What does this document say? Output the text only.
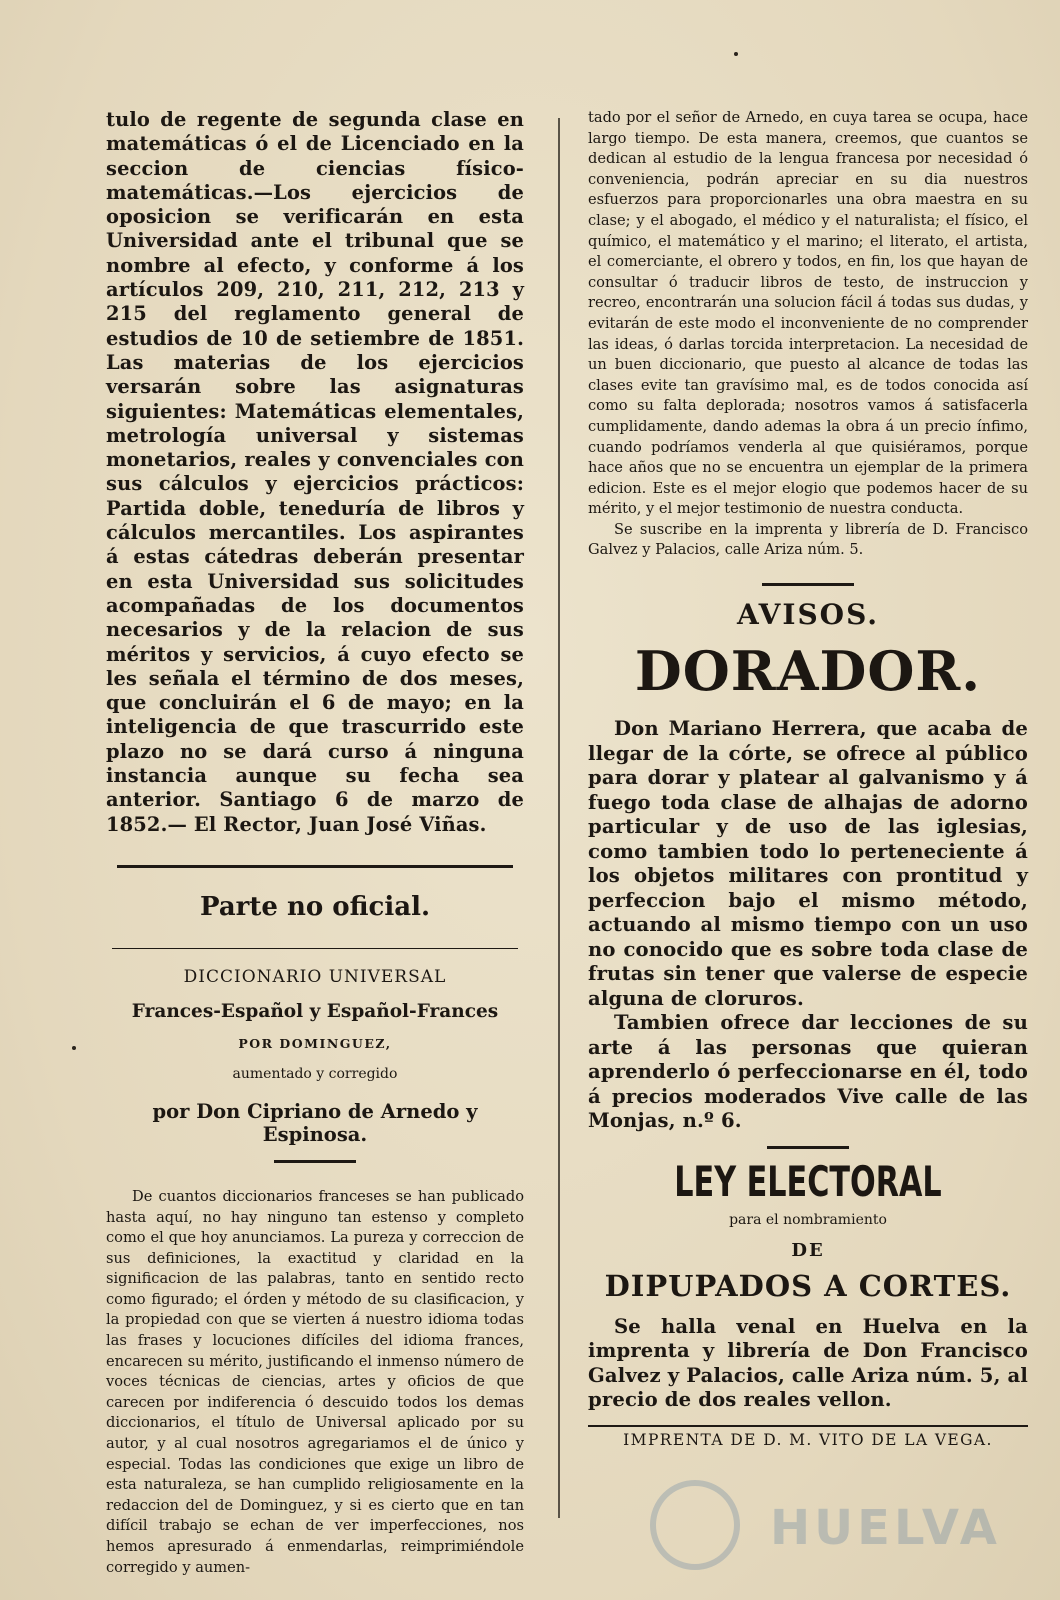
tulo de regente de segunda clase en matemáticas ó el de Licenciado en la seccion de ciencias físico-matemáticas.—Los ejercicios de oposicion se verificarán en esta Universidad ante el tribunal que se nombre al efecto, y conforme á los artículos 209, 210, 211, 212, 213 y 215 del reglamento general de estudios de 10 de setiembre de 1851. Las materias de los ejercicios versarán sobre las asignaturas siguientes: Matemáticas elementales, metrología universal y sistemas monetarios, reales y convenciales con sus cálculos y ejercicios prácticos: Partida doble, teneduría de libros y cálculos mercantiles. Los aspirantes á estas cátedras deberán presentar en esta Universidad sus solicitudes acompañadas de los documentos necesarios y de la relacion de sus méritos y servicios, á cuyo efecto se les señala el término de dos meses, que concluirán el 6 de mayo; en la inteligencia de que trascurrido este plazo no se dará curso á ninguna instancia aunque su fecha sea anterior. Santiago 6 de marzo de 1852.— El Rector, Juan José Viñas.

Parte no oficial.
DICCIONARIO UNIVERSAL
Frances-Español y Español-Frances
POR DOMINGUEZ,
aumentado y corregido
por Don Cipriano de Arnedo y Espinosa.

De cuantos diccionarios franceses se han publicado hasta aquí, no hay ninguno tan estenso y completo como el que hoy anunciamos. La pureza y correccion de sus definiciones, la exactitud y claridad en la significacion de las palabras, tanto en sentido recto como figurado; el órden y método de su clasificacion, y la propiedad con que se vierten á nuestro idioma todas las frases y locuciones difíciles del idioma frances, encarecen su mérito, justificando el inmenso número de voces técnicas de ciencias, artes y oficios de que carecen por indiferencia ó descuido todos los demas diccionarios, el título de Universal aplicado por su autor, y al cual nosotros agregariamos el de único y especial. Todas las condiciones que exige un libro de esta naturaleza, se han cumplido religiosamente en la redaccion del de Dominguez, y si es cierto que en tan difícil trabajo se echan de ver imperfecciones, nos hemos apresurado á enmendarlas, reimprimiéndole corregido y aumen-

tado por el señor de Arnedo, en cuya tarea se ocupa, hace largo tiempo. De esta manera, creemos, que cuantos se dedican al estudio de la lengua francesa por necesidad ó conveniencia, podrán apreciar en su dia nuestros esfuerzos para proporcionarles una obra maestra en su clase; y el abogado, el médico y el naturalista; el físico, el químico, el matemático y el marino; el literato, el artista, el comerciante, el obrero y todos, en fin, los que hayan de consultar ó traducir libros de testo, de instruccion y recreo, encontrarán una solucion fácil á todas sus dudas, y evitarán de este modo el inconveniente de no comprender las ideas, ó darlas torcida interpretacion. La necesidad de un buen diccionario, que puesto al alcance de todas las clases evite tan gravísimo mal, es de todos conocida así como su falta deplorada; nosotros vamos á satisfacerla cumplidamente, dando ademas la obra á un precio ínfimo, cuando podríamos venderla al que quisiéramos, porque hace años que no se encuentra un ejemplar de la primera edicion. Este es el mejor elogio que podemos hacer de su mérito, y el mejor testimonio de nuestra conducta.

Se suscribe en la imprenta y librería de D. Francisco Galvez y Palacios, calle Ariza núm. 5.

AVISOS.
DORADOR.

Don Mariano Herrera, que acaba de llegar de la córte, se ofrece al público para dorar y platear al galvanismo y á fuego toda clase de alhajas de adorno particular y de uso de las iglesias, como tambien todo lo perteneciente á los objetos militares con prontitud y perfeccion bajo el mismo método, actuando al mismo tiempo con un uso no conocido que es sobre toda clase de frutas sin tener que valerse de especie alguna de cloruros.

Tambien ofrece dar lecciones de su arte á las personas que quieran aprenderlo ó perfeccionarse en él, todo á precios moderados Vive calle de las Monjas, n.º 6.

LEY ELECTORAL
para el nombramiento
DE
DIPUPADOS A CORTES.

Se halla venal en Huelva en la imprenta y librería de Don Francisco Galvez y Palacios, calle Ariza núm. 5, al precio de dos reales vellon.

IMPRENTA DE D. M. VITO DE LA VEGA.
HUELVA
